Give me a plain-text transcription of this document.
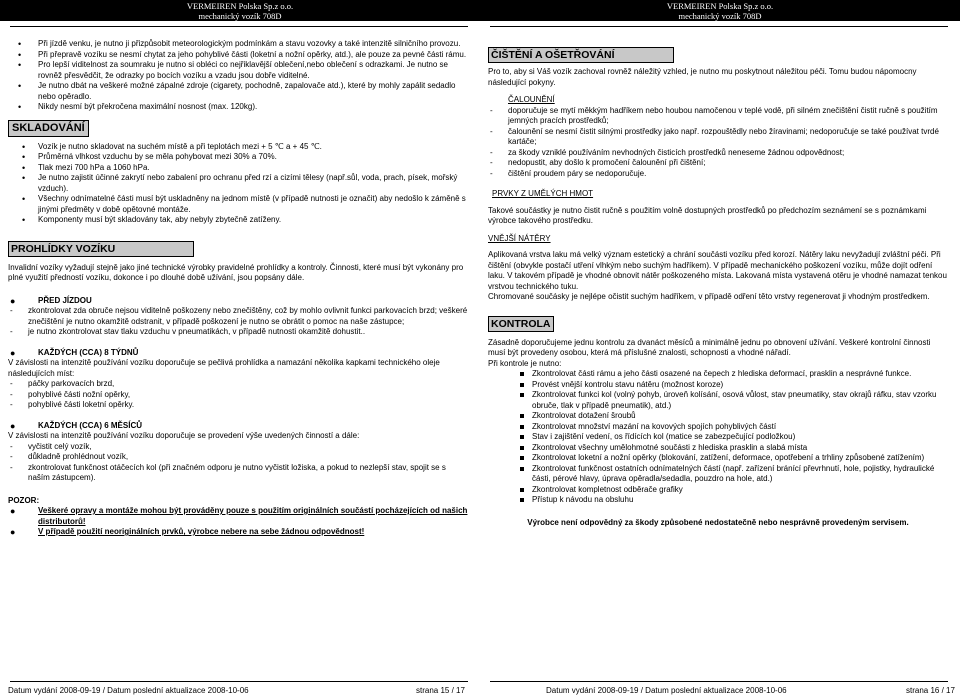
VERMEIREN Polska Sp.z o.o.
mechanický vozík 708D

• Při jízdě venku, je nutno ji přizpůsobit meteorologickým podmínkám a stavu vozovky a také intenzitě silničního provozu.

• Při přepravě vozíku se nesmí chytat za jeho pohyblivé části (loketní a nožní opěrky, atd.), ale pouze za pevné části rámu.

• Pro lepší viditelnost za soumraku je nutno si obléci co nejřiklavější oblečení,nebo oblečení s odrazkami. Je nutno se rovněž přesvědčit, že odrazky po bocích vozíku a vzadu jsou dobře viditelné.

• Je nutno dbát na veškeré možné zápalné zdroje (cigarety, pochodně, zapalovače atd.), které by mohly zapálit sedadlo nebo opěradlo.

• Nikdy nesmí být překročena maximální nosnost (max. 120kg).

SKLADOVÁNÍ

• Vozík je nutno skladovat na suchém místě a při teplotách mezi + 5 ℃ a + 45 ℃.

• Průměrná vlhkost vzduchu by se měla pohybovat mezi 30% a 70%.

• Tlak mezi 700 hPa a 1060 hPa.

• Je nutno zajistit účinné zakrytí nebo zabalení pro ochranu před rzí a cizími tělesy (např.sůl, voda, prach, písek, mořský vzduch).

• Všechny odnímatelné části musí být uskladněny na jednom místě (v případě nutnosti je označit) aby nedošlo k záměně s jinými předměty v době opětovné montáže.

• Komponenty musí být skladovány tak, aby nebyly zbytečně zatíženy.

PROHLÍDKY VOZÍKU

Invalidní vozíky vyžadují stejně jako jiné technické výrobky pravidelné prohlídky a kontroly. Činnosti, které musí být vykonány pro plné využití předností vozíku, dokonce i po dlouhé době užívání, jsou popsány dále.

● PŘED JÍZDOU

- zkontrolovat zda obruče nejsou viditelně poškozeny nebo znečištěny, což by mohlo ovlivnit funkci parkovacích brzd; veškeré znečištění je nutno okamžitě odstranit, v případě poškození je nutno se obrátit o pomoc na naše zástupce;

- je nutno zkontrolovat stav tlaku vzduchu v pneumatikách, v případě nutnosti okamžitě dohustit..

● KAŽDÝCH (CCA) 8 TÝDNŮ

V závislosti na intenzitě používání vozíku doporučuje se pečlivá prohlídka a namazání několika kapkami technického oleje následujících míst:

- páčky parkovacích brzd,

- pohyblivé části nožní opěrky,

- pohyblivé části loketní opěrky.

● KAŽDÝCH (CCA) 6 MĚSÍCŮ

V závislosti na intenzitě používání vozíku doporučuje se provedení výše uvedených činností a dále:

- vyčistit celý vozík,

- důkladně prohlédnout vozík,

- zkontrolovat funkčnost otáčecích kol (při značném odporu je nutno vyčistit ložiska, a pokud to nezlepší stav, spojit se s naším zástupcem).

POZOR:

● Veškeré opravy a montáže mohou být prováděny pouze s použitím originálních součástí pocházejících od našich distributorů!

● V případě použití neoriginálních prvků, výrobce nebere na sebe žádnou odpovědnost!

Datum vydání 2008-09-19 / Datum poslední aktualizace 2008-10-06	strana 15 / 17
VERMEIREN Polska Sp.z o.o.
mechanický vozík 708D
ČIŠTĚNÍ A OŠETŘOVÁNÍ

Pro to, aby si Váš vozík zachoval rovněž náležitý vzhled, je nutno mu poskytnout náležitou péči. Tomu budou nápomocny následující pokyny.

ČALOUNĚNÍ

- doporučuje se mytí měkkým hadříkem nebo houbou namočenou v teplé vodě, při silném znečištění čistit ručně s použitím jemných pracích prostředků;

- čalounění se nesmí čistit silnými prostředky jako např. rozpouštědly nebo žíravinami; nedoporučuje se také používat tvrdé kartáče;

- za škody vzniklé používáním nevhodných čisticích prostředků neneseme žádnou odpovědnost;

- nedopustit, aby došlo k promočení čalounění při čištění;

- čištění proudem páry se nedoporučuje.

PRVKY Z UMĚLÝCH HMOT

Takové součástky je nutno čistit ručně s použitím volně dostupných prostředků po předchozím seznámení se s poznámkami výrobce takového prostředku.

VNĚJŠÍ NÁTĚRY

Aplikovaná vrstva laku má velký význam estetický a chrání součásti vozíku před korozí. Nátěry laku nevyžadují zvláštní péči. Při čištění (obvykle postačí utření vlhkým nebo suchým hadříkem). V případě mechanického poškození vozíku, může dojít odření laku. V takovém případě je vhodné obnovit nátěr poškozeného místa. Lakovaná místa vystavená otěru je vhodné namazat tenkou vrstvou technického tuku.

Chromované součásky je nejlépe očistit suchým hadříkem, v případě odření těto vrstvy regenerovat ji vhodným prostředkem.

KONTROLA

Zásadně doporučujeme jednu kontrolu za dvanáct měsíců a minimálně jednu po obnovení užívání. Veškeré kontrolní činnosti musí být provedeny osobou, která má příslušné znalosti, schopnosti a vhodné nářadí.

Při kontrole je nutno:

Zkontrolovat části rámu a jeho části osazené na čepech z hlediska deformací, prasklin a nesprávné funkce.

Provést vnější kontrolu stavu nátěru (možnost koroze)

Zkontrolovat funkci kol (volný pohyb, úroveň kolísání, osová vůlost, stav pneumatiky, stav okrajů ráfku, stav vzorku obruče, tlak v případě pneumatik), atd.)

Zkontrolovat dotažení šroubů

Zkontrolovat množství mazání na kovových spojích pohyblivých částí

Stav i zajištění vedení, os řídících kol (matice se zabezpečující podložkou)

Zkontrolovat všechny umělohmotné součásti z hlediska prasklin a slabá místa

Zkontrolovat loketní a nožní opěrky (blokování, zatížení, deformace, opotřebení a trhliny způsobené zatížením)

Zkontrolovat funkčnost ostatních odnímatelných částí (např. zařízení bránící převrhnutí, hole, pojistky, hydraulické části, pérové hlavy, úprava opěradla/sedadla, pouzdro na hole, atd.)

Zkontrolovat kompletnost odběrače grafiky

Přístup k návodu na obsluhu

Výrobce není odpovědný za škody způsobené nedostatečně nebo nesprávně provedeným servisem.

Datum vydání 2008-09-19 / Datum poslední aktualizace 2008-10-06	strana 16 / 17
